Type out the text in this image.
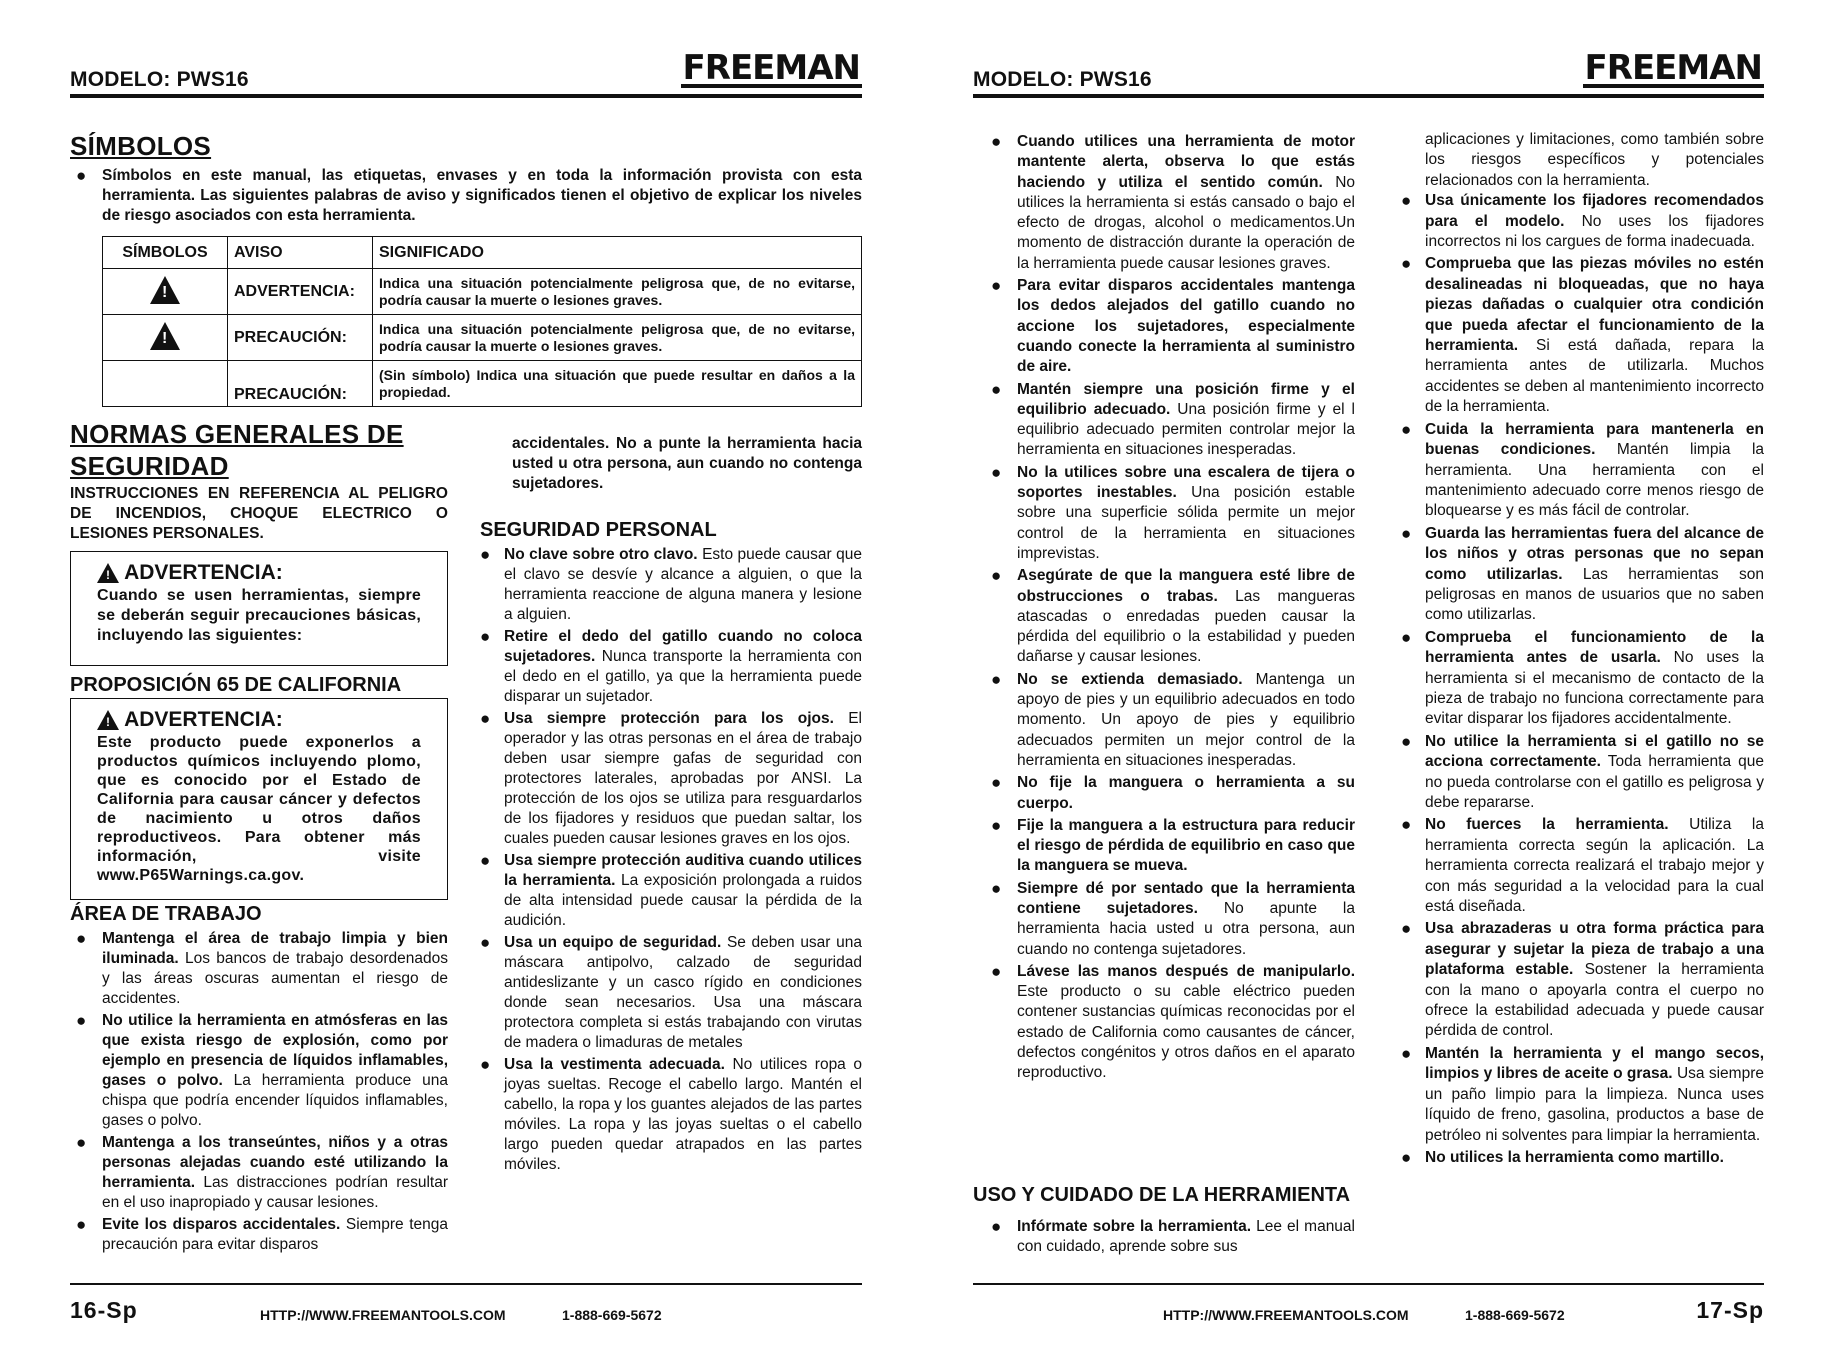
MODELO: PWS16	FREEMAN
SÍMBOLOS
● Símbolos en este manual, las etiquetas, envases y en toda la información provista con esta herramienta. Las siguientes palabras de aviso y significados tienen el objetivo de explicar los niveles de riesgo asociados con esta herramienta.
SÍMBOLOS	AVISO	SIGNIFICADO
!	ADVERTENCIA:	Indica una situación potencialmente peligrosa que, de no evitarse, podría causar la muerte o lesiones graves.
!	PRECAUCIÓN:	Indica una situación potencialmente peligrosa que, de no evitarse, podría causar la muerte o lesiones graves.
	PRECAUCIÓN:	(Sin símbolo) Indica una situación que puede resultar en daños a la propiedad.
NORMAS GENERALES DE
SEGURIDAD
INSTRUCCIONES EN REFERENCIA AL PELIGRO DE INCENDIOS, CHOQUE ELECTRICO O LESIONES PERSONALES.
! ADVERTENCIA:
Cuando se usen herramientas, siempre se deberán seguir precauciones básicas, incluyendo las siguientes:
PROPOSICIÓN 65 DE CALIFORNIA
! ADVERTENCIA:
Este producto puede exponerlos a productos químicos incluyendo plomo, que es conocido por el Estado de California para causar cáncer y defectos de nacimiento u otros daños reproductiveos. Para obtener más información, visite www.P65Warnings.ca.gov.
ÁREA DE TRABAJO
● Mantenga el área de trabajo limpia y bien iluminada. Los bancos de trabajo desordenados y las áreas oscuras aumentan el riesgo de accidentes.
● No utilice la herramienta en atmósferas en las que exista riesgo de explosión, como por ejemplo en presencia de líquidos inflamables, gases o polvo. La herramienta produce una chispa que podría encender líquidos inflamables, gases o polvo.
● Mantenga a los transeúntes, niños y a otras personas alejadas cuando esté utilizando la herramienta. Las distracciones podrían resultar en el uso inapropiado y causar lesiones.
● Evite los disparos accidentales. Siempre tenga precaución para evitar disparos
accidentales. No a punte la herramienta hacia usted u otra persona, aun cuando no contenga sujetadores.
SEGURIDAD PERSONAL
● No clave sobre otro clavo. Esto puede causar que el clavo se desvíe y alcance a alguien, o que la herramienta reaccione de alguna manera y lesione a alguien.
● Retire el dedo del gatillo cuando no coloca sujetadores. Nunca transporte la herramienta con el dedo en el gatillo, ya que la herramienta puede disparar un sujetador.
● Usa siempre protección para los ojos. El operador y las otras personas en el área de trabajo deben usar siempre gafas de seguridad con protectores laterales, aprobadas por ANSI. La protección de los ojos se utiliza para resguardarlos de los fijadores y residuos que puedan saltar, los cuales pueden causar lesiones graves en los ojos.
● Usa siempre protección auditiva cuando utilices la herramienta. La exposición prolongada a ruidos de alta intensidad puede causar la pérdida de la audición.
● Usa un equipo de seguridad. Se deben usar una máscara antipolvo, calzado de seguridad antideslizante y un casco rígido en condiciones donde sean necesarios. Usa una máscara protectora completa si estás trabajando con virutas de madera o limaduras de metales
● Usa la vestimenta adecuada. No utilices ropa o joyas sueltas. Recoge el cabello largo. Mantén el cabello, la ropa y los guantes alejados de las partes móviles. La ropa y las joyas sueltas o el cabello largo pueden quedar atrapados en las partes móviles.
16-Sp	HTTP://WWW.FREEMANTOOLS.COM	1-888-669-5672
MODELO: PWS16	FREEMAN
● Cuando utilices una herramienta de motor mantente alerta, observa lo que estás haciendo y utiliza el sentido común. No utilices la herramienta si estás cansado o bajo el efecto de drogas, alcohol o medicamentos.Un momento de distracción durante la operación de la herramienta puede causar lesiones graves.
● Para evitar disparos accidentales mantenga los dedos alejados del gatillo cuando no accione los sujetadores, especialmente cuando conecte la herramienta al suministro de aire.
● Mantén siempre una posición firme y el equilibrio adecuado. Una posición firme y el l equilibrio adecuado permiten controlar mejor la herramienta en situaciones inesperadas.
● No la utilices sobre una escalera de tijera o soportes inestables. Una posición estable sobre una superficie sólida permite un mejor control de la herramienta en situaciones imprevistas.
● Asegúrate de que la manguera esté libre de obstrucciones o trabas. Las mangueras atascadas o enredadas pueden causar la pérdida del equilibrio o la estabilidad y pueden dañarse y causar lesiones.
● No se extienda demasiado. Mantenga un apoyo de pies y un equilibrio adecuados en todo momento. Un apoyo de pies y equilibrio adecuados permiten un mejor control de la herramienta en situaciones inesperadas.
● No fije la manguera o herramienta a su cuerpo.
● Fije la manguera a la estructura para reducir el riesgo de pérdida de equilibrio en caso que la manguera se mueva.
● Siempre dé por sentado que la herramienta contiene sujetadores. No apunte la herramienta hacia usted u otra persona, aun cuando no contenga sujetadores.
● Lávese las manos después de manipularlo. Este producto o su cable eléctrico pueden contener sustancias químicas reconocidas por el estado de California como causantes de cáncer, defectos congénitos y otros daños en el aparato reproductivo.
USO Y CUIDADO DE LA HERRAMIENTA
● Infórmate sobre la herramienta. Lee el manual con cuidado, aprende sobre sus
aplicaciones y limitaciones, como también sobre los riesgos específicos y potenciales relacionados con la herramienta.
● Usa únicamente los fijadores recomendados para el modelo. No uses los fijadores incorrectos ni los cargues de forma inadecuada.
● Comprueba que las piezas móviles no estén desalineadas ni bloqueadas, que no haya piezas dañadas o cualquier otra condición que pueda afectar el funcionamiento de la herramienta. Si está dañada, repara la herramienta antes de utilizarla. Muchos accidentes se deben al mantenimiento incorrecto de la herramienta.
● Cuida la herramienta para mantenerla en buenas condiciones. Mantén limpia la herramienta. Una herramienta con el mantenimiento adecuado corre menos riesgo de bloquearse y es más fácil de controlar.
● Guarda las herramientas fuera del alcance de los niños y otras personas que no sepan como utilizarlas. Las herramientas son peligrosas en manos de usuarios que no saben como utilizarlas.
● Comprueba el funcionamiento de la herramienta antes de usarla. No uses la herramienta si el mecanismo de contacto de la pieza de trabajo no funciona correctamente para evitar disparar los fijadores accidentalmente.
● No utilice la herramienta si el gatillo no se acciona correctamente. Toda herramienta que no pueda controlarse con el gatillo es peligrosa y debe repararse.
● No fuerces la herramienta. Utiliza la herramienta correcta según la aplicación. La herramienta correcta realizará el trabajo mejor y con más seguridad a la velocidad para la cual está diseñada.
● Usa abrazaderas u otra forma práctica para asegurar y sujetar la pieza de trabajo a una plataforma estable. Sostener la herramienta con la mano o apoyarla contra el cuerpo no ofrece la estabilidad adecuada y puede causar pérdida de control.
● Mantén la herramienta y el mango secos, limpios y libres de aceite o grasa. Usa siempre un paño limpio para la limpieza. Nunca uses líquido de freno, gasolina, productos a base de petróleo ni solventes para limpiar la herramienta.
● No utilices la herramienta como martillo.
HTTP://WWW.FREEMANTOOLS.COM	1-888-669-5672	17-Sp
